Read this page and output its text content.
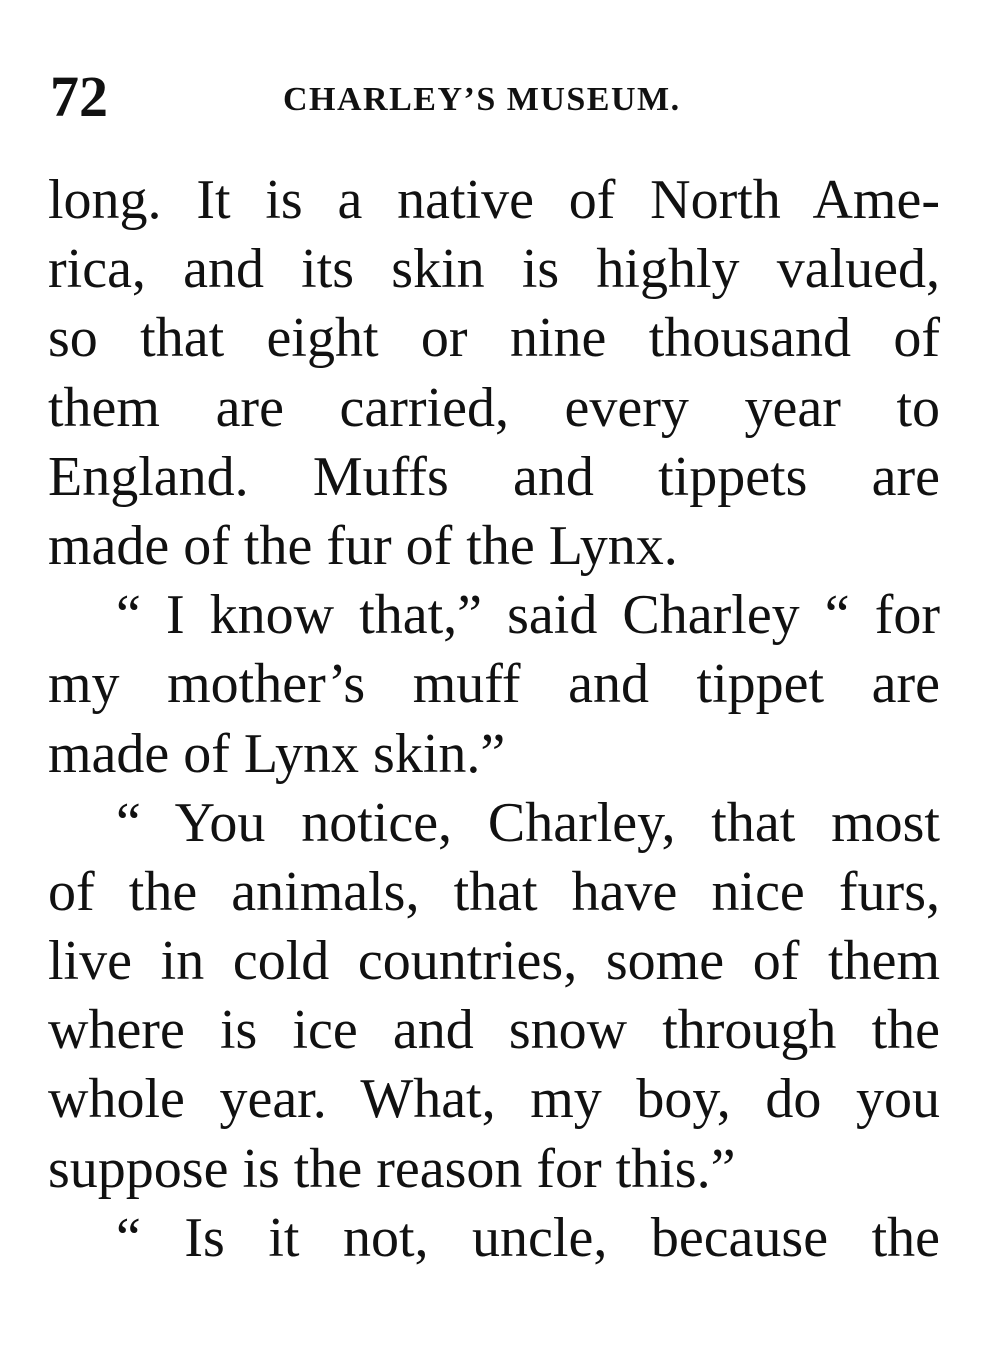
72	CHARLEY’S MUSEUM.
long. It is a native of North Ame-
rica, and its skin is highly valued,
so that eight or nine thousand of
them are carried, every year to
England. Muffs and tippets are
made of the fur of the Lynx.
“ I know that,” said Charley “ for
my mother’s muff and tippet are
made of Lynx skin.”
“ You notice, Charley, that most
of the animals, that have nice furs,
live in cold countries, some of them
where is ice and snow through the
whole year. What, my boy, do you
suppose is the reason for this.”
“ Is it not, uncle, because the
